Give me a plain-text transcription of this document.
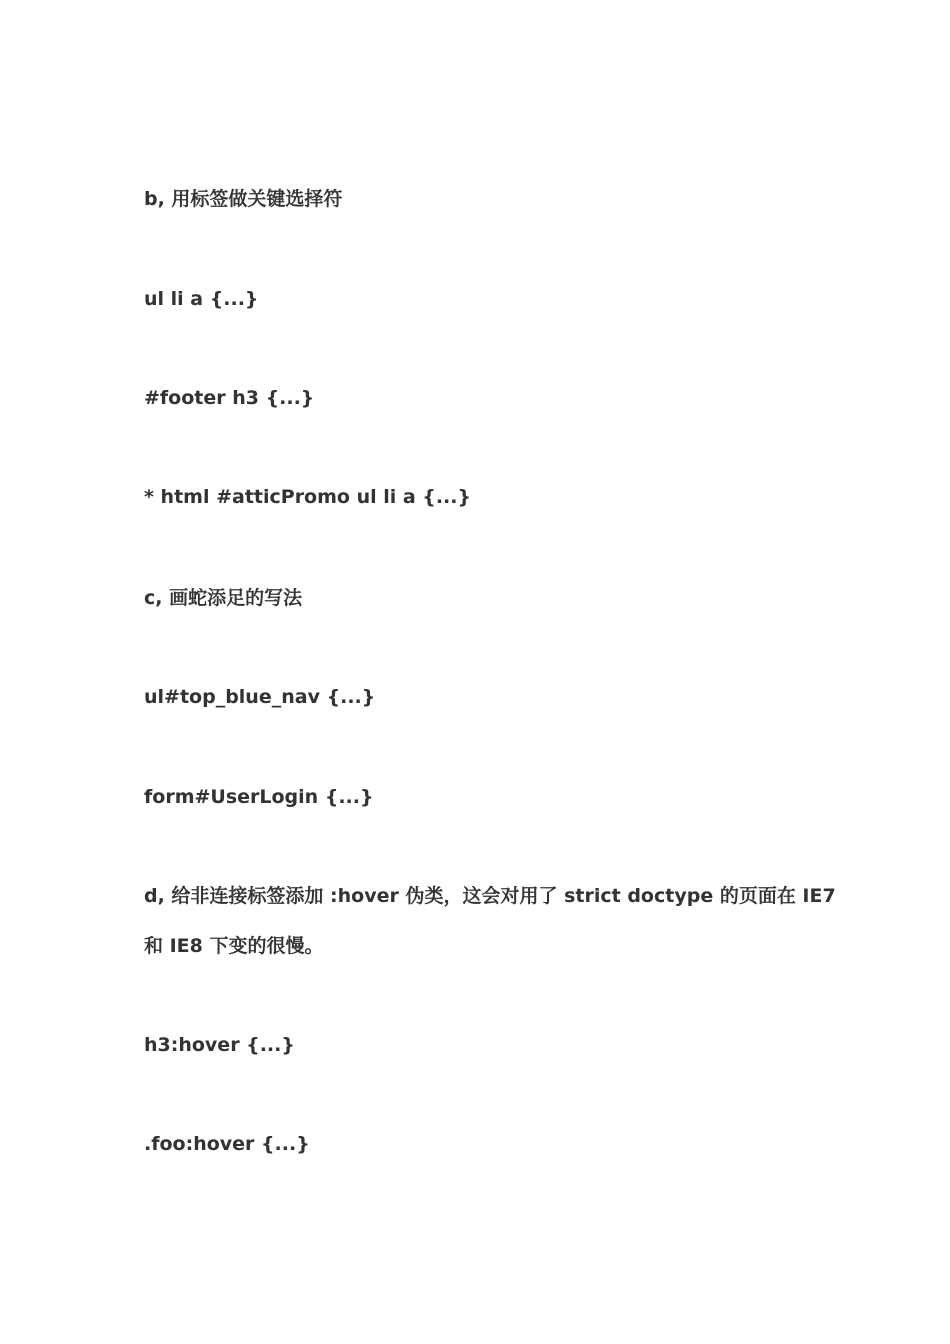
b, 用标签做关键选择符
ul li a {...}
#footer h3 {...}
* html #atticPromo ul li a {...}
c, 画蛇添足的写法
ul#top_blue_nav {...}
form#UserLogin {...}
d, 给非连接标签添加 :hover 伪类，这会对用了 strict doctype 的页面在 IE7
和 IE8 下变的很慢。
h3:hover {...}
.foo:hover {...}
